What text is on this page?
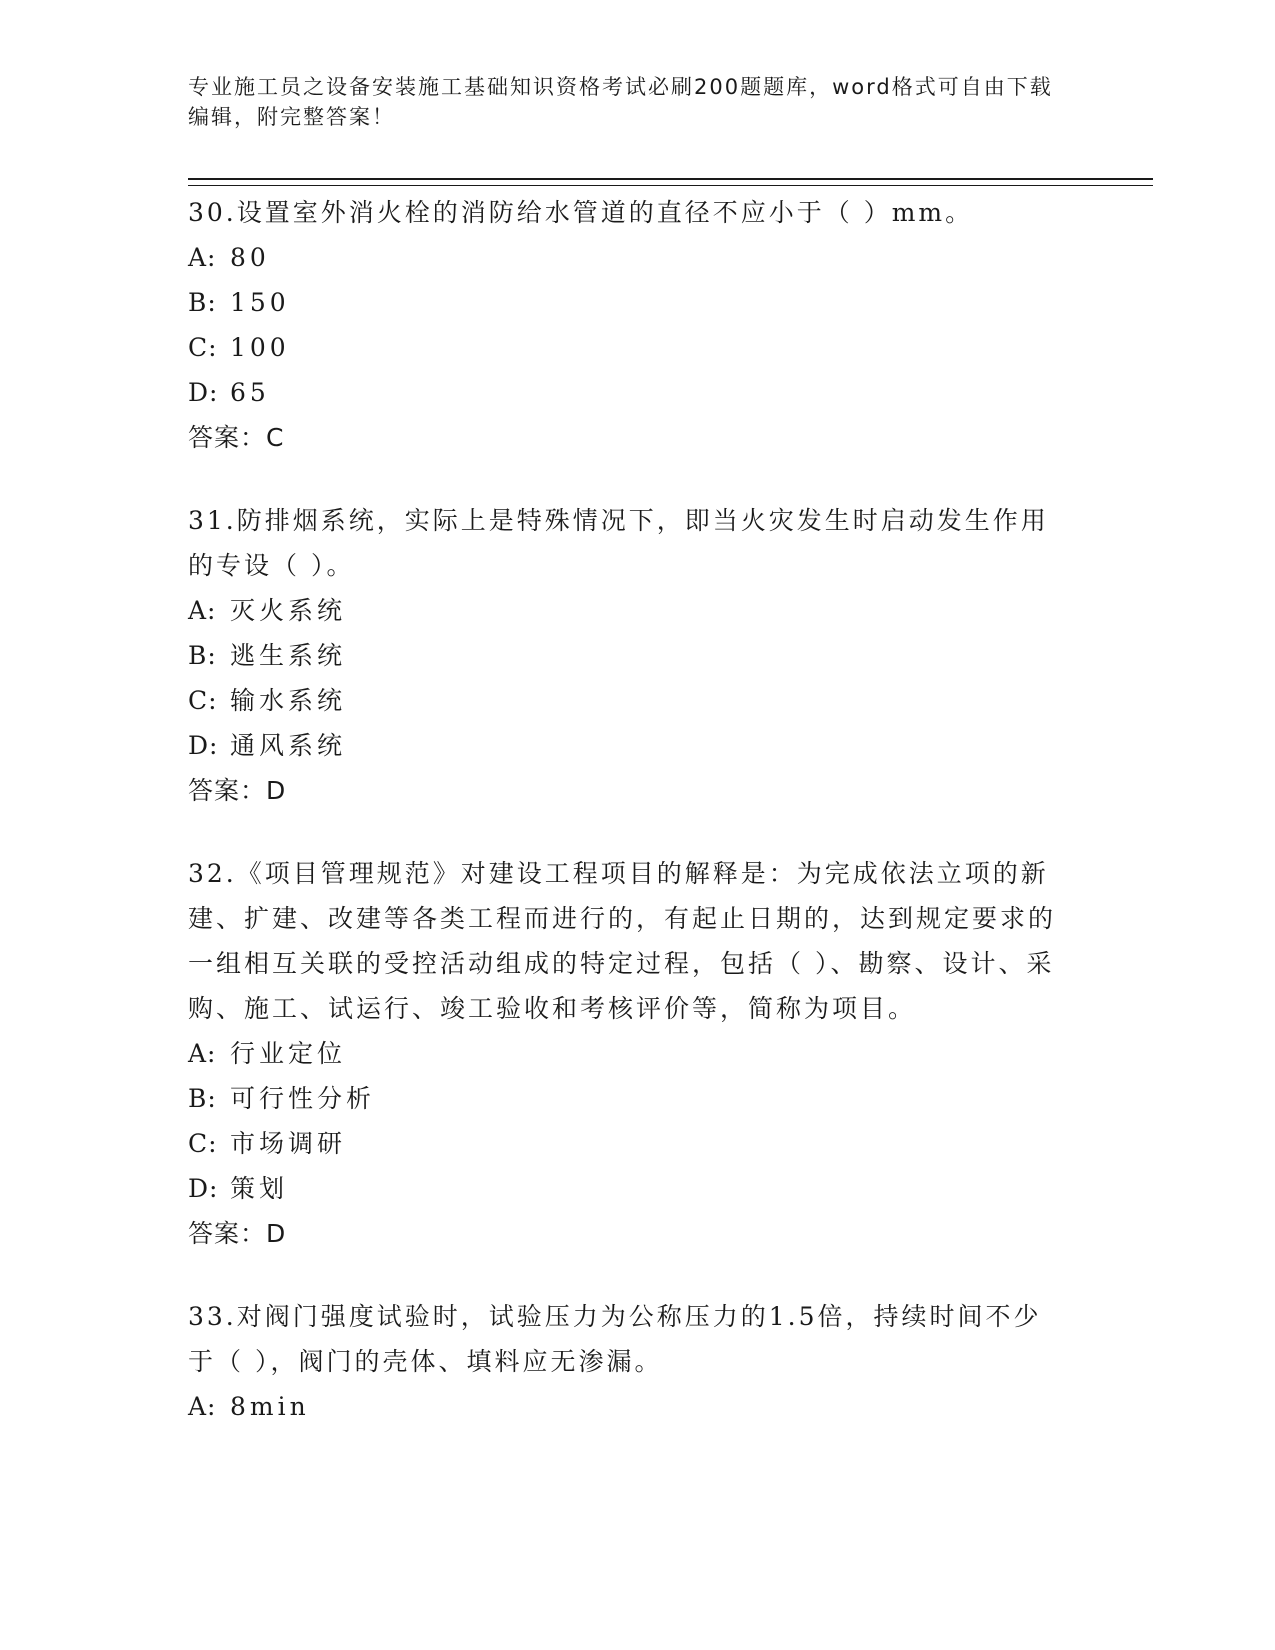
专业施工员之设备安装施工基础知识资格考试必刷200题题库，word格式可自由下载编辑，附完整答案！

30.设置室外消火栓的消防给水管道的直径不应小于（ ）mm。

A: 80
B: 150
C: 100
D: 65

答案：C

31.防排烟系统，实际上是特殊情况下，即当火灾发生时启动发生作用的专设（ ）。

A: 灭火系统
B: 逃生系统
C: 输水系统
D: 通风系统

答案：D

32.《项目管理规范》对建设工程项目的解释是：为完成依法立项的新建、扩建、改建等各类工程而进行的，有起止日期的，达到规定要求的一组相互关联的受控活动组成的特定过程，包括（ ）、勘察、设计、采购、施工、试运行、竣工验收和考核评价等，简称为项目。

A: 行业定位
B: 可行性分析
C: 市场调研
D: 策划

答案：D

33.对阀门强度试验时，试验压力为公称压力的1.5倍，持续时间不少于（ ），阀门的壳体、填料应无渗漏。

A: 8min
